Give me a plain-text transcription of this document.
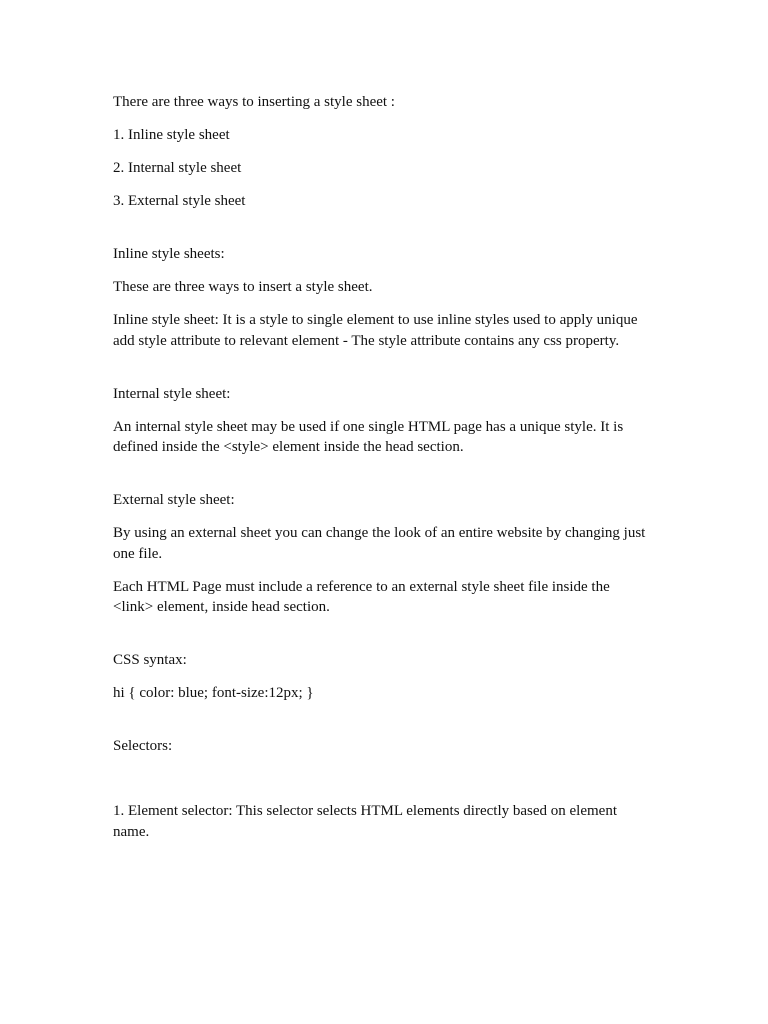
There are three ways to inserting a style sheet :

1. Inline style sheet

2. Internal style sheet

3. External style sheet

Inline style sheets:

These are three ways to insert a style sheet.

Inline style sheet: It is a style to single element to use inline styles used to apply unique add style attribute to relevant element - The style attribute contains any css property.

Internal style sheet:

An internal style sheet may be used if one single HTML page has a unique style. It is defined inside the <style> element inside the head section.

External style sheet:

By using an external sheet you can change the look of an entire website by changing just one file.

Each HTML Page must include a reference to an external style sheet file inside the <link> element, inside head section.

CSS syntax:

hi { color: blue; font-size:12px; }

Selectors:

1. Element selector: This selector selects HTML elements directly based on element name.
